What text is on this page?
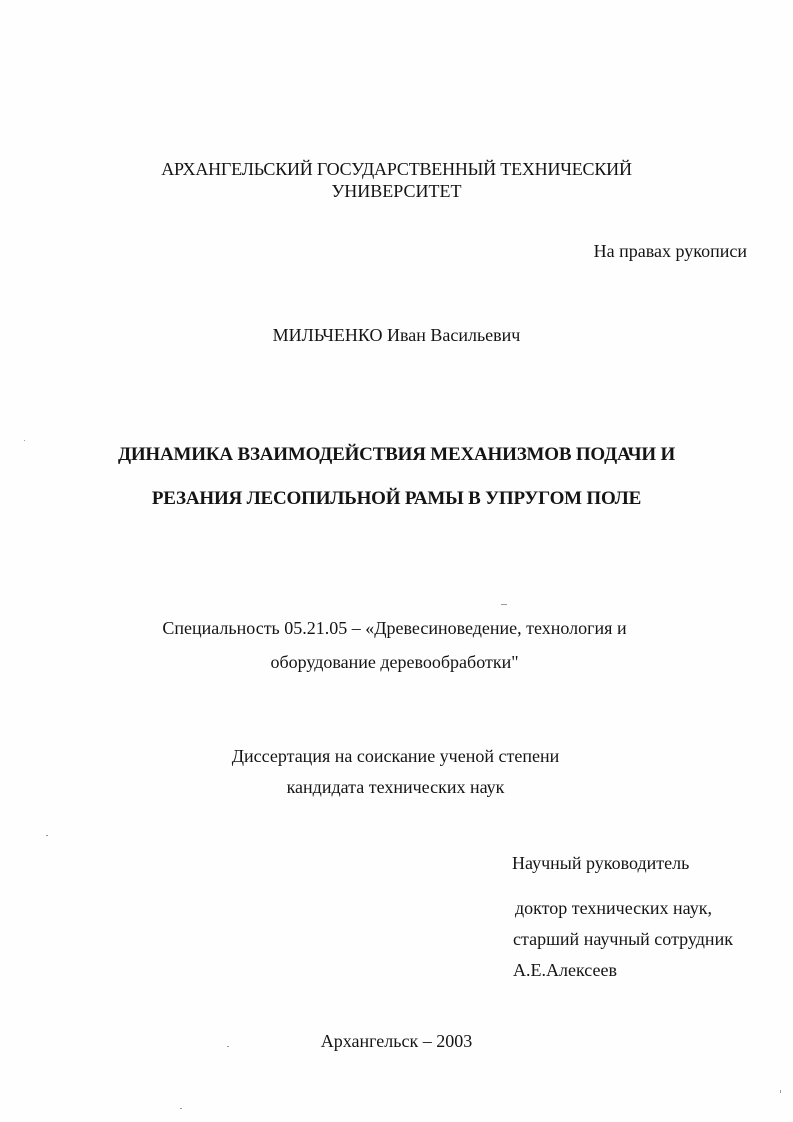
АРХАНГЕЛЬСКИЙ ГОСУДАРСТВЕННЫЙ ТЕХНИЧЕСКИЙ
УНИВЕРСИТЕТ
На правах рукописи
МИЛЬЧЕНКО Иван Васильевич
ДИНАМИКА ВЗАИМОДЕЙСТВИЯ МЕХАНИЗМОВ ПОДАЧИ И
РЕЗАНИЯ ЛЕСОПИЛЬНОЙ РАМЫ В УПРУГОМ ПОЛЕ
Специальность 05.21.05 – «Древесиноведение, технология и
оборудование деревообработки"
Диссертация на соискание ученой степени
кандидата технических наук
Научный руководитель
доктор технических наук,
старший научный сотрудник
А.Е.Алексеев
Архангельск – 2003
